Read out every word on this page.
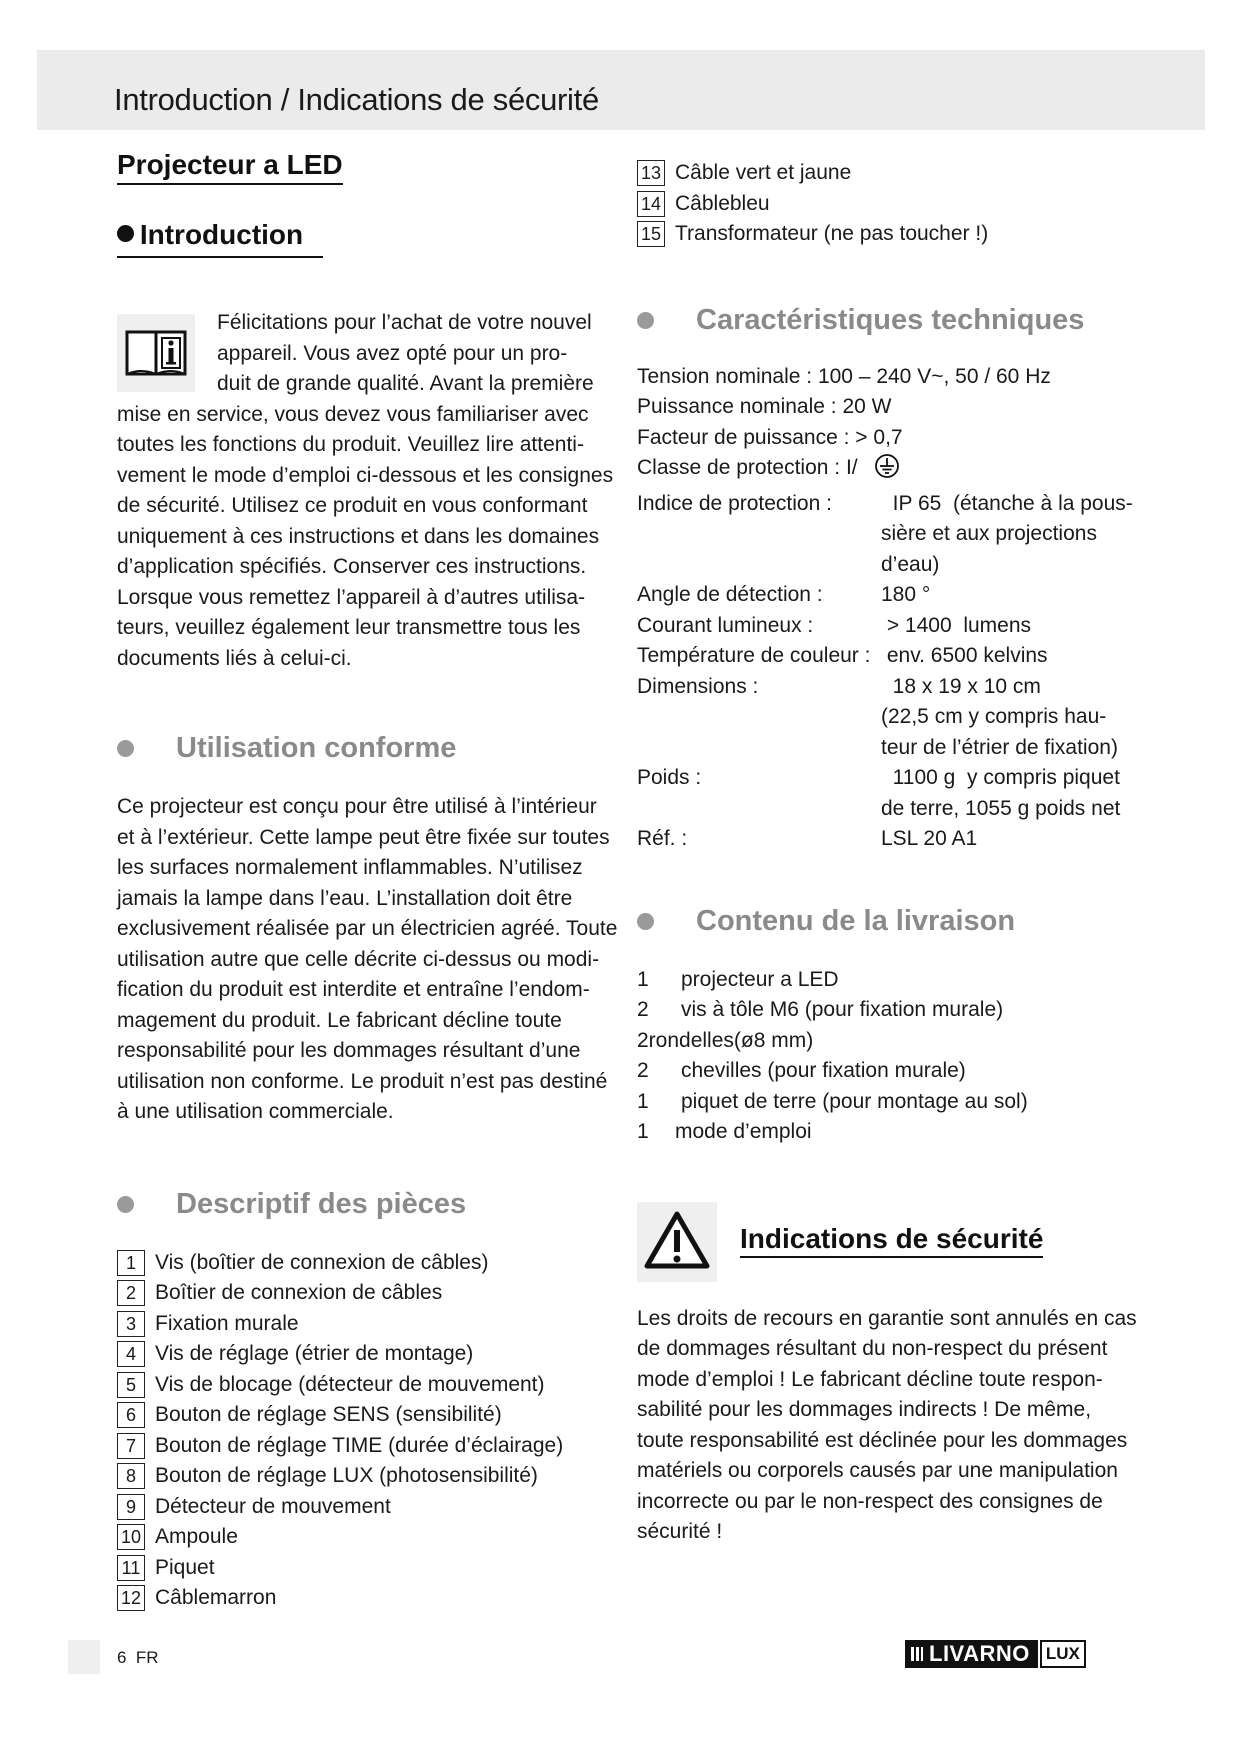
Introduction / Indications de sécurité
Projecteur a LED
Introduction

Félicitations pour l’achat de votre nouvel

appareil. Vous avez opté pour un pro-

duit de grande qualité. Avant la première

mise en service, vous devez vous familiariser avec

toutes les fonctions du produit. Veuillez lire attenti-

vement le mode d’emploi ci-dessous et les consignes

de sécurité. Utilisez ce produit en vous conformant

uniquement à ces instructions et dans les domaines

d’application spécifiés. Conserver ces instructions.

Lorsque vous remettez l’appareil à d’autres utilisa-

teurs, veuillez également leur transmettre tous les

documents liés à celui-ci.

Utilisation conforme

Ce projecteur est conçu pour être utilisé à l’intérieur

et à l’extérieur. Cette lampe peut être fixée sur toutes

les surfaces normalement inflammables. N’utilisez

jamais la lampe dans l’eau. L’installation doit être

exclusivement réalisée par un électricien agréé. Toute

utilisation autre que celle décrite ci-dessus ou modi-

fication du produit est interdite et entraîne l’endom-

magement du produit. Le fabricant décline toute

responsabilité pour les dommages résultant d’une

utilisation non conforme. Le produit n’est pas destiné

à une utilisation commerciale.

Descriptif des pièces
1 Vis (boîtier de connexion de câbles)
2 Boîtier de connexion de câbles
3 Fixation murale
4 Vis de réglage (étrier de montage)
5 Vis de blocage (détecteur de mouvement)
6 Bouton de réglage SENS (sensibilité)
7 Bouton de réglage TIME (durée d’éclairage)
8 Bouton de réglage LUX (photosensibilité)
9 Détecteur de mouvement
10 Ampoule
11 Piquet
12 Câblemarron
13 Câble vert et jaune
14 Câblebleu
15 Transformateur (ne pas toucher !)
Caractéristiques techniques
Tension nominale : 100 – 240 V~, 50 / 60 Hz
Puissance nominale : 20 W
Facteur de puissance : > 0,7
Classe de protection : I/
Indice de protection :	IP 65  (étanche à la pous-
sière et aux projections
d’eau)
Angle de détection :	180 °
Courant lumineux :	> 1400  lumens
Température de couleur : env. 6500 kelvins
Dimensions :	18 x 19 x 10 cm
(22,5 cm y compris hau-
teur de l’étrier de fixation)
Poids :	1100 g  y compris piquet
de terre, 1055 g poids net
Réf. :	LSL 20 A1
Contenu de la livraison
1	projecteur a LED
2	vis à tôle M6 (pour fixation murale)
2rondelles(ø8 mm)
2	chevilles (pour fixation murale)
1	piquet de terre (pour montage au sol)
1	mode d’emploi
Indications de sécurité

Les droits de recours en garantie sont annulés en cas

de dommages résultant du non-respect du présent

mode d’emploi ! Le fabricant décline toute respon-

sabilité pour les dommages indirects ! De même,

toute responsabilité est déclinée pour les dommages

matériels ou corporels causés par une manipulation

incorrecte ou par le non-respect des consignes de

sécurité !

6  FR	LIVARNO LUX
